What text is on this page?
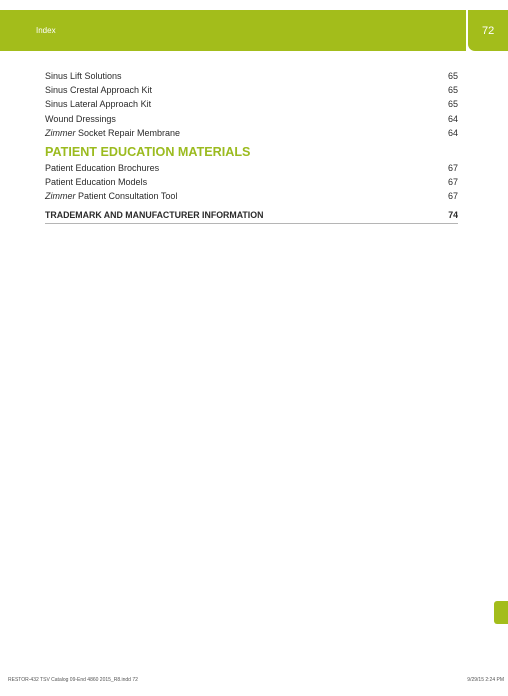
Index	72
Sinus Lift Solutions	65
Sinus Crestal Approach Kit	65
Sinus Lateral Approach Kit	65
Wound Dressings	64
Zimmer Socket Repair Membrane	64
PATIENT EDUCATION MATERIALS
Patient Education Brochures	67
Patient Education Models	67
Zimmer Patient Consultation Tool	67
TRADEMARK AND MANUFACTURER INFORMATION	74
RESTOR-432 TSV Catalog 09-End 4860 2015_R8.indd 72	9/29/15 2:24 PM
